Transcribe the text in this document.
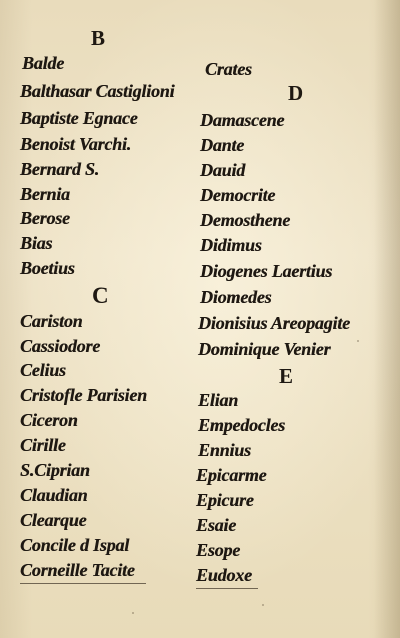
B
Balde
Balthasar Castiglioni
Baptiste Egnace
Benoist Varchi.
Bernard S.
Bernia
Berose
Bias
Boetius
C
Cariston
Cassiodore
Celius
Cristofle Parisien
Ciceron
Cirille
S.Ciprian
Claudian
Clearque
Concile d Ispal
Corneille Tacite
Crates
D
Damascene
Dante
Dauid
Democrite
Demosthene
Didimus
Diogenes Laertius
Diomedes
Dionisius Areopagite
Dominique Venier
E
Elian
Empedocles
Ennius
Epicarme
Epicure
Esaie
Esope
Eudoxe
